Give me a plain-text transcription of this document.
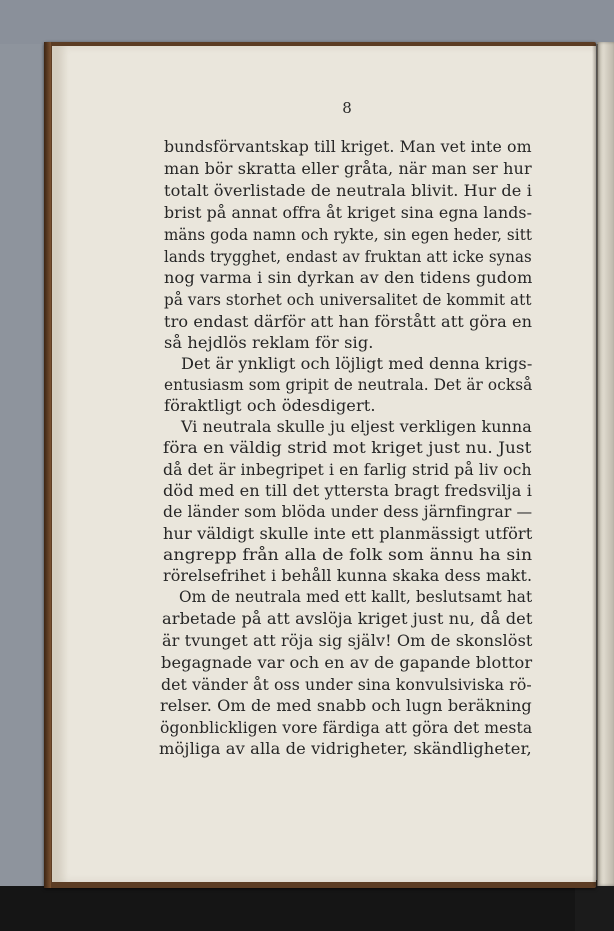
8
bundsförvantskap till kriget. Man vet inte om
man bör skratta eller gråta, när man ser hur
totalt överlistade de neutrala blivit. Hur de i
brist på annat offra åt kriget sina egna lands-
mäns goda namn och rykte, sin egen heder, sitt
lands trygghet, endast av fruktan att icke synas
nog varma i sin dyrkan av den tidens gudom
på vars storhet och universalitet de kommit att
tro endast därför att han förstått att göra en
så hejdlös reklam för sig.
Det är ynkligt och löjligt med denna krigs-
entusiasm som gripit de neutrala. Det är också
föraktligt och ödesdigert.
Vi neutrala skulle ju eljest verkligen kunna
föra en väldig strid mot kriget just nu. Just
då det är inbegripet i en farlig strid på liv och
död med en till det yttersta bragt fredsvilja i
de länder som blöda under dess järnfingrar —
hur väldigt skulle inte ett planmässigt utfört
angrepp från alla de folk som ännu ha sin
rörelsefrihet i behåll kunna skaka dess makt.
Om de neutrala med ett kallt, beslutsamt hat
arbetade på att avslöja kriget just nu, då det
är tvunget att röja sig själv! Om de skonslöst
begagnade var och en av de gapande blottor
det vänder åt oss under sina konvulsiviska rö-
relser. Om de med snabb och lugn beräkning
ögonblickligen vore färdiga att göra det mesta
möjliga av alla de vidrigheter, skändligheter,
